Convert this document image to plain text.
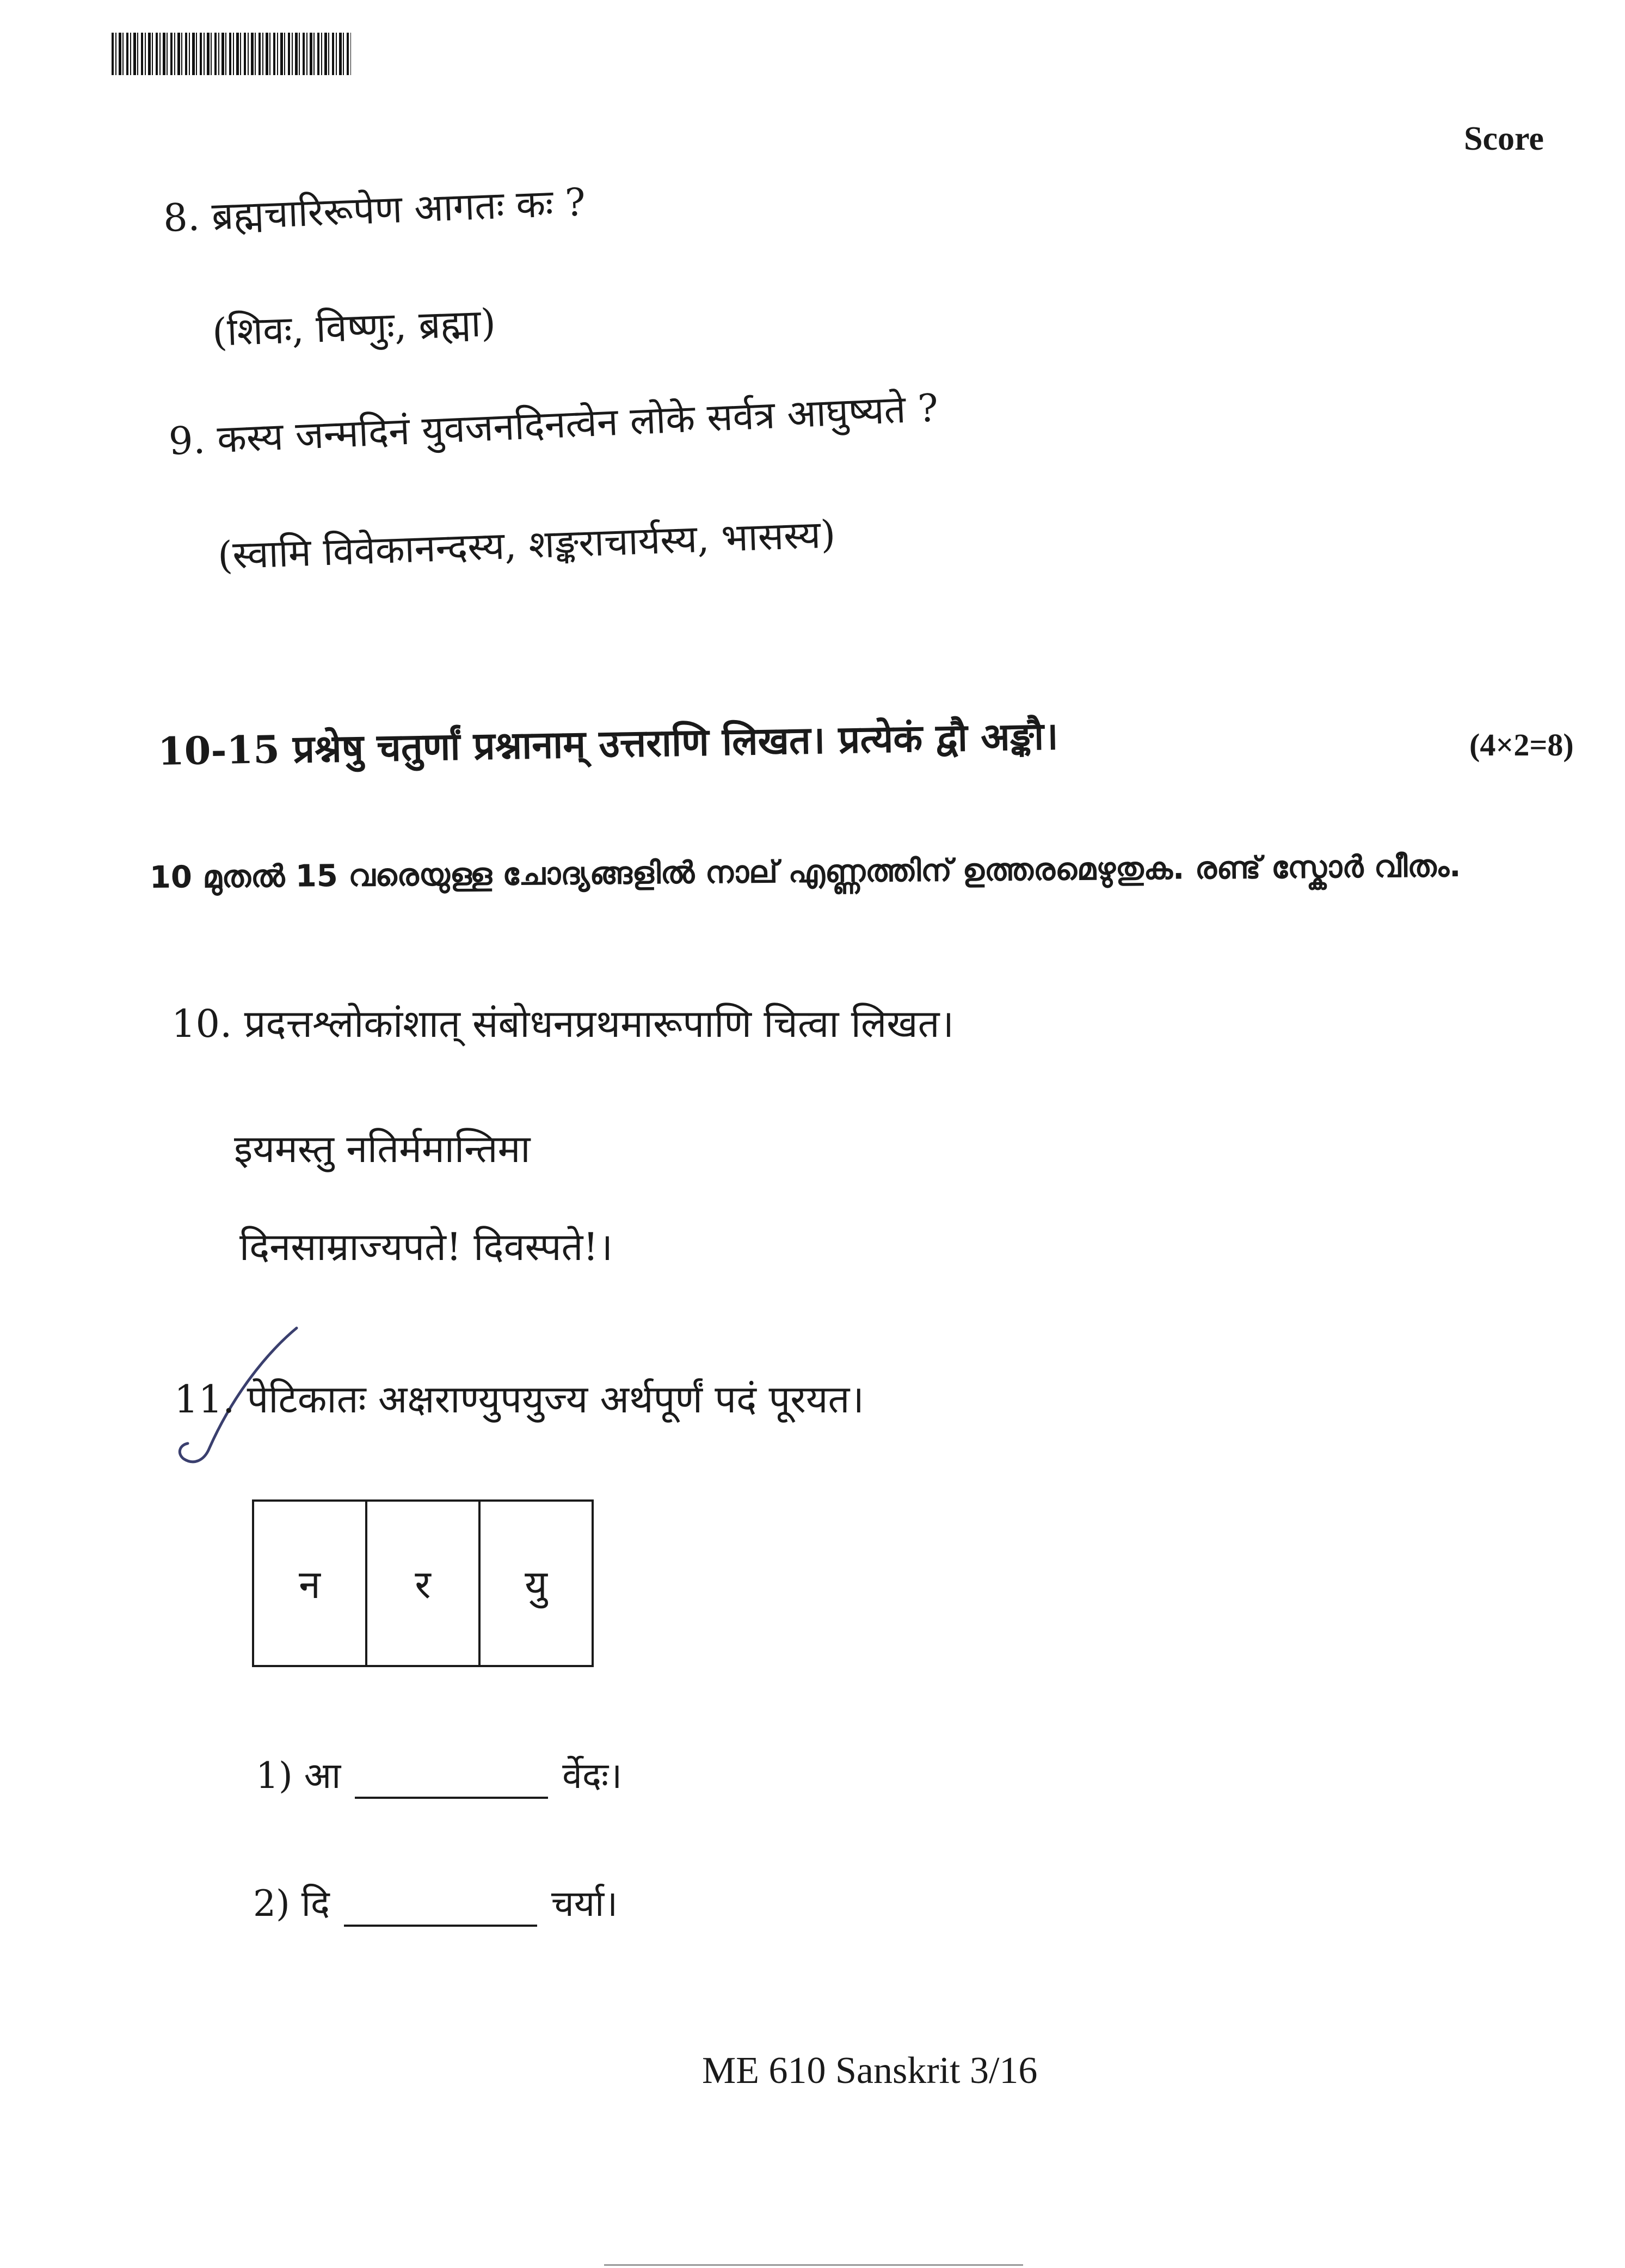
Score
8. ब्रह्मचारिरूपेण आगतः कः ?
(शिवः, विष्णुः, ब्रह्मा)
9. कस्य जन्मदिनं युवजनदिनत्वेन लोके सर्वत्र आघुष्यते ?
(स्वामि विवेकानन्दस्य, शङ्कराचार्यस्य, भासस्य)
10-15 प्रश्नेषु चतुर्णां प्रश्नानाम् उत्तराणि लिखत। प्रत्येकं द्वौ अङ्कौ।	(4×2=8)
10 മുതൽ 15 വരെയുള്ള ചോദ്യങ്ങളിൽ നാല് എണ്ണത്തിന് ഉത്തരമെഴുതുക. രണ്ട് സ്കോർ വീതം.
10. प्रदत्तश्लोकांशात् संबोधनप्रथमारूपाणि चित्वा लिखत।
इयमस्तु नतिर्ममान्तिमा
दिनसाम्राज्यपते! दिवस्पते!।
11. पेटिकातः अक्षराण्युपयुज्य अर्थपूर्णं पदं पूरयत।
न	र	यु
1) आ	र्वेदः।
2) दि	चर्या।
ME 610 Sanskrit 3/16
